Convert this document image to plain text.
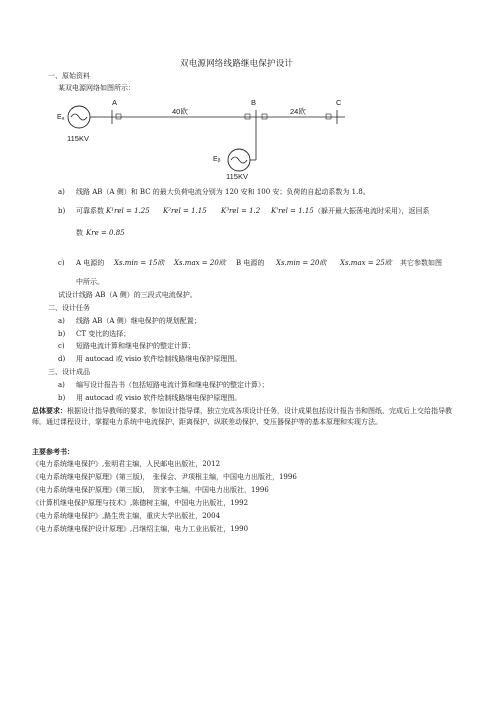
双电源网络线路继电保护设计
一、原始资料
某双电源网络如图所示：
A	B	C
40欧	24欧
Eₐ
115KV
Eᵦ
115KV
a) 线路 AB（A 侧）和 BC 的最大负荷电流分别为 120 安和 100 安；负荷的自起动系数为 1.8。
b) 可靠系数 K¹rel = 1.25 K²rel = 1.15 K³rel = 1.2 K'rel = 1.15 （躲开最大振荡电流时采用），返回系
数 Kre = 0.85
c) A 电源的 Xs.min = 15欧 Xs.max = 20欧 B 电源的 Xs.min = 20欧 Xs.max = 25欧 其它参数如图
中所示。
试设计线路 AB（A 侧）的三段式电流保护。
二、设计任务
a) 线路 AB（A 侧）继电保护的规划配置；
b) CT 变比的选择；
c) 短路电流计算和继电保护的整定计算；
d) 用 autocad 或 visio 软件绘制线路继电保护原理图。
三、设计成品
a) 编写设计报告书（包括短路电流计算和继电保护的整定计算）；
b) 用 autocad 或 visio 软件绘制线路继电保护原理图。
总体要求：根据设计指导教师的要求，参加设计指导课，独立完成各项设计任务，设计成果包括设计报告书和图纸，完成后上交给指导教师。通过课程设计，掌握电力系统中电流保护、距离保护、纵联差动保护、变压器保护等的基本原理和实现方法。
主要参考书：
《电力系统继电保护》,张明君主编，人民邮电出版社，2012
《电力系统继电保护原理》(第三版)，　张保会、尹项根主编，中国电力出版社，1996
《电力系统继电保护原理》(第三版)，　贺家李主编，中国电力出版社，1996
《计算机继电保护原理与技术》,陈德树主编，中国电力出版社，1992
《电力系统继电保护》,路生贵主编，重庆大学出版社，2004
《电力系统继电保护设计原理》,吕继绍主编，电力工业出版社，1990
